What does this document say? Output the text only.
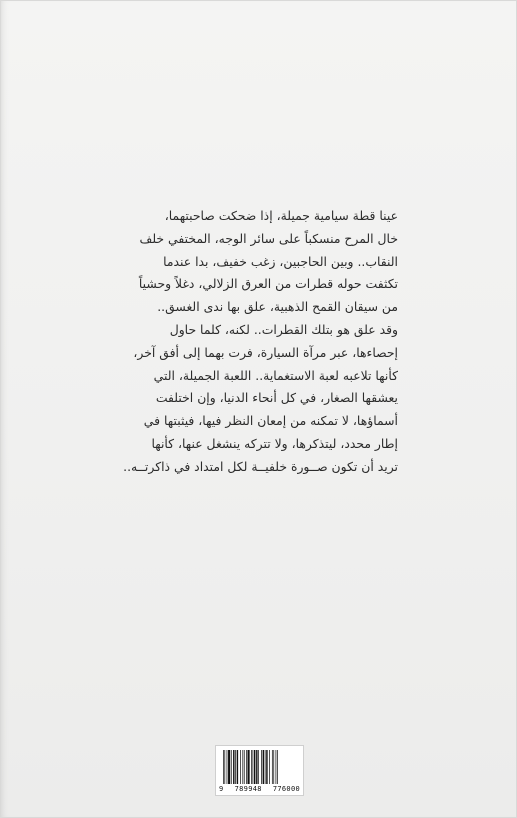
عينا قطة سيامية جميلة، إذا ضحكت صاحبتهما،
خال المرح منسكباً على سائر الوجه، المختفي خلف
النقاب.. وبين الحاجبين، زغب خفيف، بدا عندما
تكثفت حوله قطرات من العرق الزلالي، دغلاً وحشياً
من سيقان القمح الذهبية، علق بها ندى الغسق..
وقد علق هو بتلك القطرات.. لكنه، كلما حاول
إحصاءها، عبر مرآة السيارة، فرت بهما إلى أفق آخر،
كأنها تلاعبه لعبة الاستغماية.. اللعبة الجميلة، التي
يعشقها الصغار، في كل أنحاء الدنيا، وإن اختلفت
أسماؤها، لا تمكنه من إمعان النظر فيها، فيثبتها في
إطار محدد، ليتذكرها، ولا تتركه ينشغل عنها، كأنها
تريد أن تكون صــورة خلفيــة لكل امتداد في ذاكرتــه..
9 789948 776000
